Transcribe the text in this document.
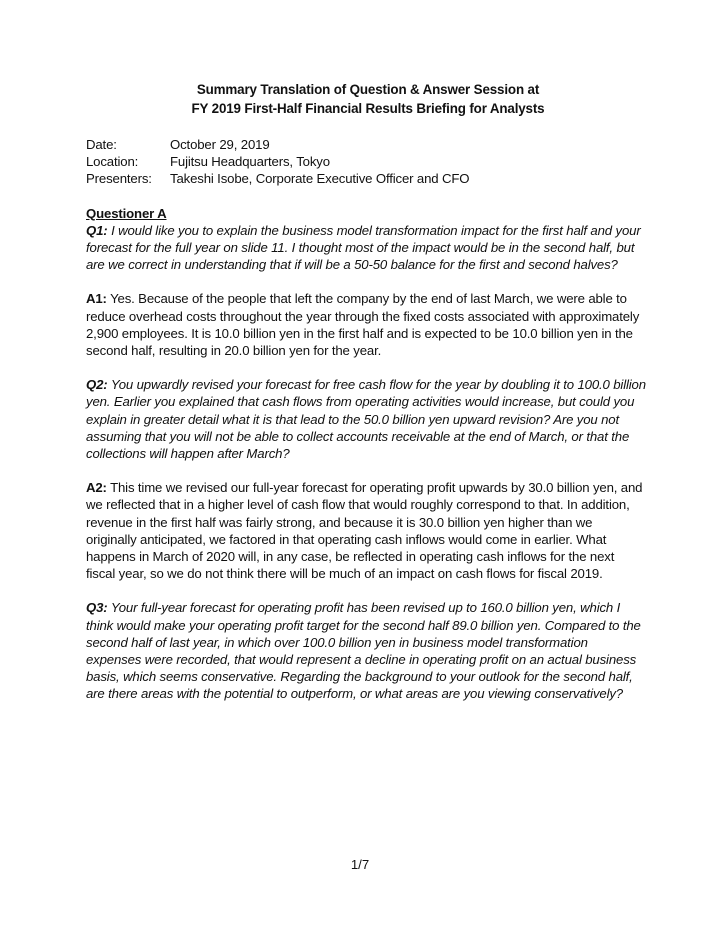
Summary Translation of Question & Answer Session at
FY 2019 First-Half Financial Results Briefing for Analysts

Date:	October 29, 2019
Location:	Fujitsu Headquarters, Tokyo
Presenters:	Takeshi Isobe, Corporate Executive Officer and CFO
Questioner A

Q1: I would like you to explain the business model transformation impact for the first half and your forecast for the full year on slide 11. I thought most of the impact would be in the second half, but are we correct in understanding that if will be a 50-50 balance for the first and second halves?

A1: Yes. Because of the people that left the company by the end of last March, we were able to reduce overhead costs throughout the year through the fixed costs associated with approximately 2,900 employees. It is 10.0 billion yen in the first half and is expected to be 10.0 billion yen in the second half, resulting in 20.0 billion yen for the year.

Q2: You upwardly revised your forecast for free cash flow for the year by doubling it to 100.0 billion yen. Earlier you explained that cash flows from operating activities would increase, but could you explain in greater detail what it is that lead to the 50.0 billion yen upward revision? Are you not assuming that you will not be able to collect accounts receivable at the end of March, or that the collections will happen after March?

A2: This time we revised our full-year forecast for operating profit upwards by 30.0 billion yen, and we reflected that in a higher level of cash flow that would roughly correspond to that. In addition, revenue in the first half was fairly strong, and because it is 30.0 billion yen higher than we originally anticipated, we factored in that operating cash inflows would come in earlier. What happens in March of 2020 will, in any case, be reflected in operating cash inflows for the next fiscal year, so we do not think there will be much of an impact on cash flows for fiscal 2019.

Q3: Your full-year forecast for operating profit has been revised up to 160.0 billion yen, which I think would make your operating profit target for the second half 89.0 billion yen. Compared to the second half of last year, in which over 100.0 billion yen in business model transformation expenses were recorded, that would represent a decline in operating profit on an actual business basis, which seems conservative. Regarding the background to your outlook for the second half, are there areas with the potential to outperform, or what areas are you viewing conservatively?

1/7
